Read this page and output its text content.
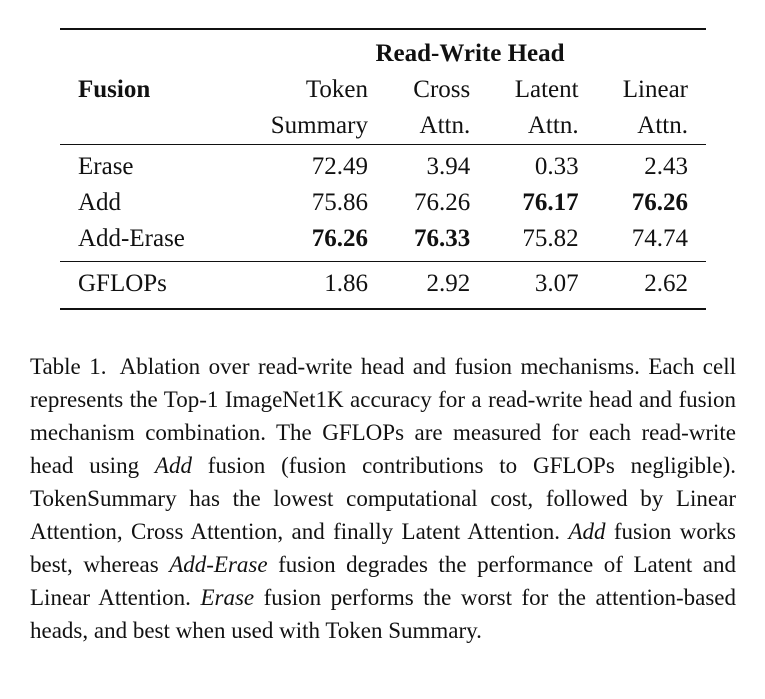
	Read-Write Head			
Fusion	Token	Cross	Latent	Linear
	Summary	Attn.	Attn.	Attn.
Erase	72.49	3.94	0.33	2.43
Add	75.86	76.26	76.17	76.26
Add-Erase	76.26	76.33	75.82	74.74
GFLOPs	1.86	2.92	3.07	2.62
Table 1. Ablation over read-write head and fusion mechanisms. Each cell represents the Top-1 ImageNet1K accuracy for a read-write head and fusion mechanism combination. The GFLOPs are measured for each read-write head using Add fusion (fusion contributions to GFLOPs negligible). TokenSummary has the lowest computational cost, followed by Linear Attention, Cross Attention, and finally Latent Attention. Add fusion works best, whereas Add-Erase fusion degrades the performance of Latent and Linear Attention. Erase fusion performs the worst for the attention-based heads, and best when used with Token Summary.
